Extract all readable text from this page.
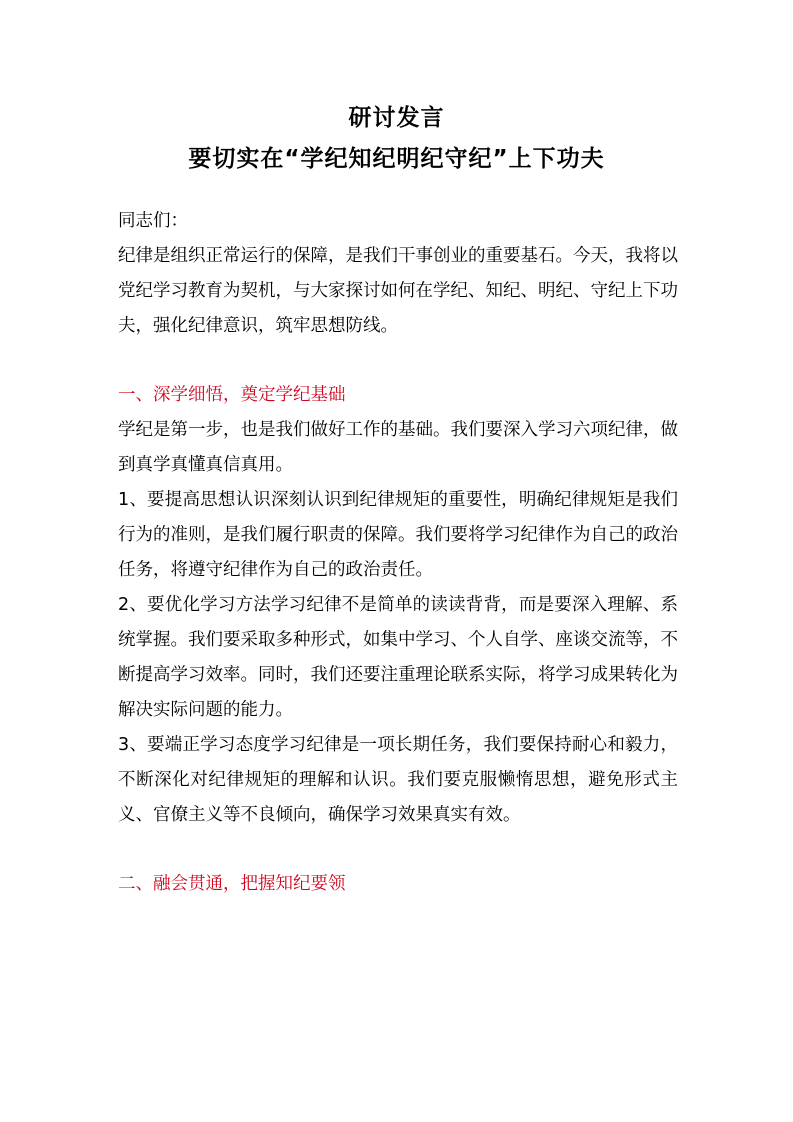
研讨发言
要切实在“学纪知纪明纪守纪”上下功夫

同志们：

纪律是组织正常运行的保障，是我们干事创业的重要基石。今天，我将以党纪学习教育为契机，与大家探讨如何在学纪、知纪、明纪、守纪上下功夫，强化纪律意识，筑牢思想防线。

一、深学细悟，奠定学纪基础

学纪是第一步，也是我们做好工作的基础。我们要深入学习六项纪律，做到真学真懂真信真用。

1、要提高思想认识深刻认识到纪律规矩的重要性，明确纪律规矩是我们行为的准则，是我们履行职责的保障。我们要将学习纪律作为自己的政治任务，将遵守纪律作为自己的政治责任。

2、要优化学习方法学习纪律不是简单的读读背背，而是要深入理解、系统掌握。我们要采取多种形式，如集中学习、个人自学、座谈交流等，不断提高学习效率。同时，我们还要注重理论联系实际，将学习成果转化为解决实际问题的能力。

3、要端正学习态度学习纪律是一项长期任务，我们要保持耐心和毅力，不断深化对纪律规矩的理解和认识。我们要克服懒惰思想，避免形式主义、官僚主义等不良倾向，确保学习效果真实有效。

二、融会贯通，把握知纪要领
